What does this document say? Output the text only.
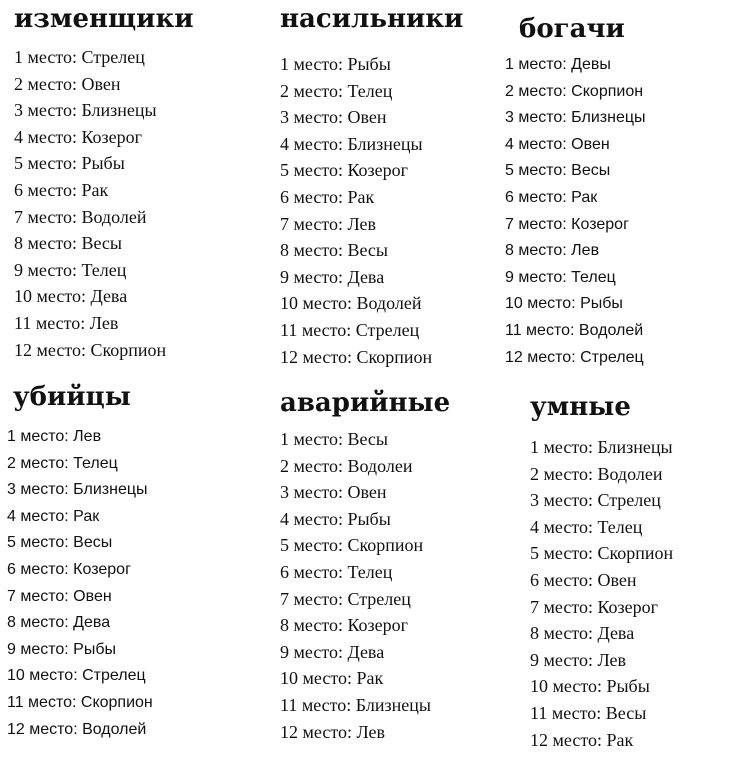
изменщики
1 место: Стрелец
2 место: Овен
3 место: Близнецы
4 место: Козерог
5 место: Рыбы
6 место: Рак
7 место: Водолей
8 место: Весы
9 место: Телец
10 место: Дева
11 место: Лев
12 место: Скорпион
насильники
1 место: Рыбы
2 место: Телец
3 место: Овен
4 место: Близнецы
5 место: Козерог
6 место: Рак
7 место: Лев
8 место: Весы
9 место: Дева
10 место: Водолей
11 место: Стрелец
12 место: Скорпион
богачи
1 место: Девы
2 место: Скорпион
3 место: Близнецы
4 место: Овен
5 место: Весы
6 место: Рак
7 место: Козерог
8 место: Лев
9 место: Телец
10 место: Рыбы
11 место: Водолей
12 место: Стрелец
убийцы
1 место: Лев
2 место: Телец
3 место: Близнецы
4 место: Рак
5 место: Весы
6 место: Козерог
7 место: Овен
8 место: Дева
9 место: Рыбы
10 место: Стрелец
11 место: Скорпион
12 место: Водолей
аварийные
1 место: Весы
2 место: Водолеи
3 место: Овен
4 место: Рыбы
5 место: Скорпион
6 место: Телец
7 место: Стрелец
8 место: Козерог
9 место: Дева
10 место: Рак
11 место: Близнецы
12 место: Лев
умные
1 место: Близнецы
2 место: Водолеи
3 место: Стрелец
4 место: Телец
5 место: Скорпион
6 место: Овен
7 место: Козерог
8 место: Дева
9 место: Лев
10 место: Рыбы
11 место: Весы
12 место: Рак
